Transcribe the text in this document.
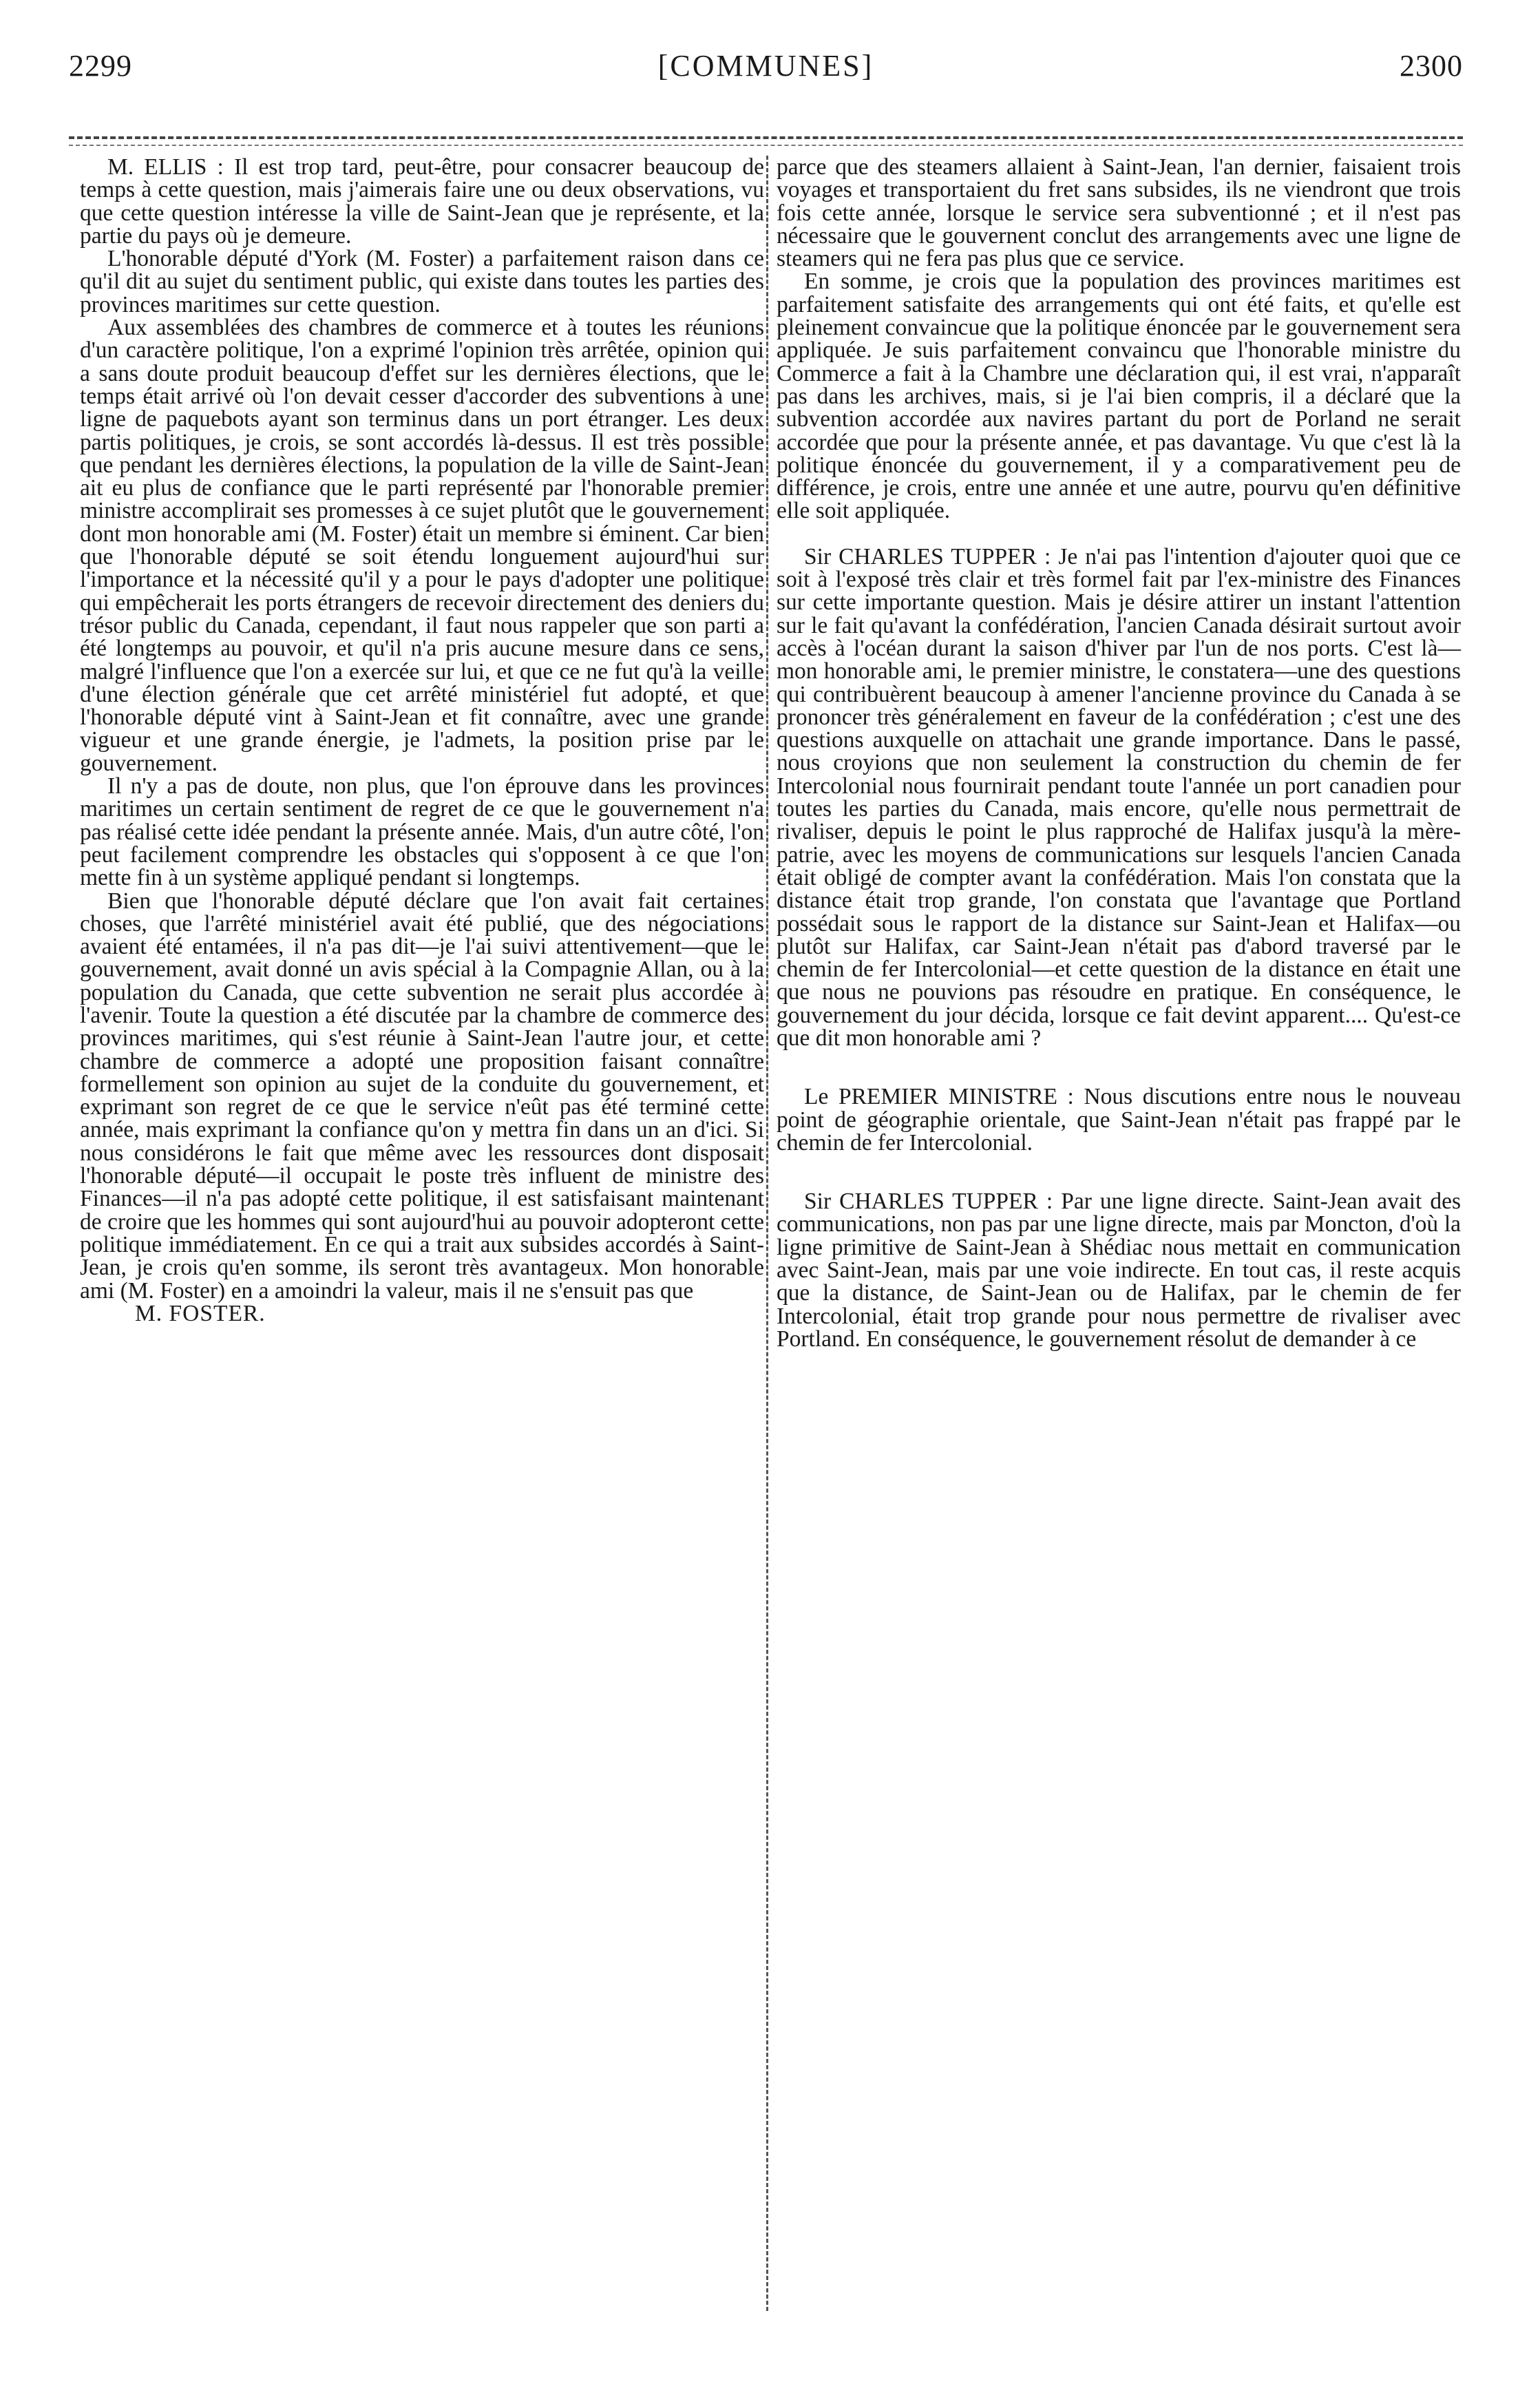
2299	[COMMUNES]	2300

M. ELLIS : Il est trop tard, peut-être, pour consacrer beaucoup de temps à cette question, mais j'aimerais faire une ou deux observations, vu que cette question intéresse la ville de Saint-Jean que je représente, et la partie du pays où je demeure.

L'honorable député d'York (M. Foster) a parfaitement raison dans ce qu'il dit au sujet du sentiment public, qui existe dans toutes les parties des provinces maritimes sur cette question.

Aux assemblées des chambres de commerce et à toutes les réunions d'un caractère politique, l'on a exprimé l'opinion très arrêtée, opinion qui a sans doute produit beaucoup d'effet sur les dernières élections, que le temps était arrivé où l'on devait cesser d'accorder des subventions à une ligne de paquebots ayant son terminus dans un port étranger. Les deux partis politiques, je crois, se sont accordés là-dessus. Il est très possible que pendant les dernières élections, la population de la ville de Saint-Jean ait eu plus de confiance que le parti représenté par l'honorable premier ministre accomplirait ses promesses à ce sujet plutôt que le gouvernement dont mon honorable ami (M. Foster) était un membre si éminent. Car bien que l'honorable député se soit étendu longuement aujourd'hui sur l'importance et la nécessité qu'il y a pour le pays d'adopter une politique qui empêcherait les ports étrangers de recevoir directement des deniers du trésor public du Canada, cependant, il faut nous rappeler que son parti a été longtemps au pouvoir, et qu'il n'a pris aucune mesure dans ce sens, malgré l'influence que l'on a exercée sur lui, et que ce ne fut qu'à la veille d'une élection générale que cet arrêté ministériel fut adopté, et que l'honorable député vint à Saint-Jean et fit connaître, avec une grande vigueur et une grande énergie, je l'admets, la position prise par le gouvernement.

Il n'y a pas de doute, non plus, que l'on éprouve dans les provinces maritimes un certain sentiment de regret de ce que le gouvernement n'a pas réalisé cette idée pendant la présente année. Mais, d'un autre côté, l'on peut facilement comprendre les obstacles qui s'opposent à ce que l'on mette fin à un système appliqué pendant si longtemps.

Bien que l'honorable député déclare que l'on avait fait certaines choses, que l'arrêté ministériel avait été publié, que des négociations avaient été entamées, il n'a pas dit—je l'ai suivi attentivement—que le gouvernement, avait donné un avis spécial à la Compagnie Allan, ou à la population du Canada, que cette subvention ne serait plus accordée à l'avenir. Toute la question a été discutée par la chambre de commerce des provinces maritimes, qui s'est réunie à Saint-Jean l'autre jour, et cette chambre de commerce a adopté une proposition faisant connaître formellement son opinion au sujet de la conduite du gouvernement, et exprimant son regret de ce que le service n'eût pas été terminé cette année, mais exprimant la confiance qu'on y mettra fin dans un an d'ici. Si nous considérons le fait que même avec les ressources dont disposait l'honorable député—il occupait le poste très influent de ministre des Finances—il n'a pas adopté cette politique, il est satisfaisant maintenant de croire que les hommes qui sont aujourd'hui au pouvoir adopteront cette politique immédiatement. En ce qui a trait aux subsides accordés à Saint-Jean, je crois qu'en somme, ils seront très avantageux. Mon honorable ami (M. Foster) en a amoindri la valeur, mais il ne s'ensuit pas que

M. FOSTER.

parce que des steamers allaient à Saint-Jean, l'an dernier, faisaient trois voyages et transportaient du fret sans subsides, ils ne viendront que trois fois cette année, lorsque le service sera subventionné ; et il n'est pas nécessaire que le gouvernent conclut des arrangements avec une ligne de steamers qui ne fera pas plus que ce service.

En somme, je crois que la population des provinces maritimes est parfaitement satisfaite des arrangements qui ont été faits, et qu'elle est pleinement convaincue que la politique énoncée par le gouvernement sera appliquée. Je suis parfaitement convaincu que l'honorable ministre du Commerce a fait à la Chambre une déclaration qui, il est vrai, n'apparaît pas dans les archives, mais, si je l'ai bien compris, il a déclaré que la subvention accordée aux navires partant du port de Porland ne serait accordée que pour la présente année, et pas davantage. Vu que c'est là la politique énoncée du gouvernement, il y a comparativement peu de différence, je crois, entre une année et une autre, pourvu qu'en définitive elle soit appliquée.

Sir CHARLES TUPPER : Je n'ai pas l'intention d'ajouter quoi que ce soit à l'exposé très clair et très formel fait par l'ex-ministre des Finances sur cette importante question. Mais je désire attirer un instant l'attention sur le fait qu'avant la confédération, l'ancien Canada désirait surtout avoir accès à l'océan durant la saison d'hiver par l'un de nos ports. C'est là—mon honorable ami, le premier ministre, le constatera—une des questions qui contribuèrent beaucoup à amener l'ancienne province du Canada à se prononcer très généralement en faveur de la confédération ; c'est une des questions auxquelle on attachait une grande importance. Dans le passé, nous croyions que non seulement la construction du chemin de fer Intercolonial nous fournirait pendant toute l'année un port canadien pour toutes les parties du Canada, mais encore, qu'elle nous permettrait de rivaliser, depuis le point le plus rapproché de Halifax jusqu'à la mère-patrie, avec les moyens de communications sur lesquels l'ancien Canada était obligé de compter avant la confédération. Mais l'on constata que la distance était trop grande, l'on constata que l'avantage que Portland possédait sous le rapport de la distance sur Saint-Jean et Halifax—ou plutôt sur Halifax, car Saint-Jean n'était pas d'abord traversé par le chemin de fer Intercolonial—et cette question de la distance en était une que nous ne pouvions pas résoudre en pratique. En conséquence, le gouvernement du jour décida, lorsque ce fait devint apparent.... Qu'est-ce que dit mon honorable ami ?

Le PREMIER MINISTRE : Nous discutions entre nous le nouveau point de géographie orientale, que Saint-Jean n'était pas frappé par le chemin de fer Intercolonial.

Sir CHARLES TUPPER : Par une ligne directe. Saint-Jean avait des communications, non pas par une ligne directe, mais par Moncton, d'où la ligne primitive de Saint-Jean à Shédiac nous mettait en communication avec Saint-Jean, mais par une voie indirecte. En tout cas, il reste acquis que la distance, de Saint-Jean ou de Halifax, par le chemin de fer Intercolonial, était trop grande pour nous permettre de rivaliser avec Portland. En conséquence, le gouvernement résolut de demander à ce
